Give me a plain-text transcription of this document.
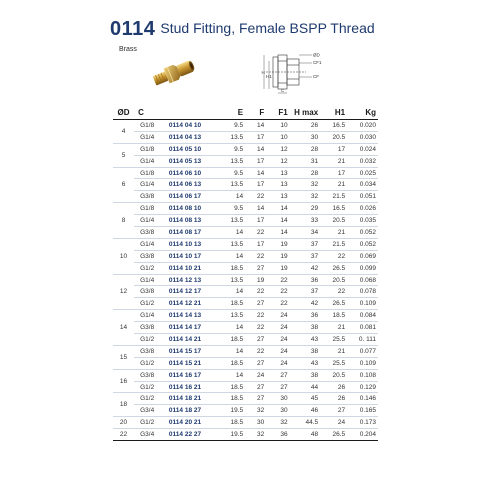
0114 Stud Fitting, Female BSPP Thread
Brass
ØD
CF1
CF
H
H1
C
ØD	C		E	F	F1	H max	H1	Kg
4	G1/8	0114 04 10	9.5	14	10	26	16.5	0.020
	G1/4	0114 04 13	13.5	17	10	30	20.5	0.030
5	G1/8	0114 05 10	9.5	14	12	28	17	0.024
	G1/4	0114 05 13	13.5	17	12	31	21	0.032
6	G1/8	0114 06 10	9.5	14	13	28	17	0.025
	G1/4	0114 06 13	13.5	17	13	32	21	0.034
	G3/8	0114 06 17	14	22	13	32	21.5	0.051
8	G1/8	0114 08 10	9.5	14	14	29	16.5	0.026
	G1/4	0114 08 13	13.5	17	14	33	20.5	0.035
	G3/8	0114 08 17	14	22	14	34	21	0.052
10	G1/4	0114 10 13	13.5	17	19	37	21.5	0.052
	G3/8	0114 10 17	14	22	19	37	22	0.069
	G1/2	0114 10 21	18.5	27	19	42	26.5	0.099
12	G1/4	0114 12 13	13.5	19	22	36	20.5	0.068
	G3/8	0114 12 17	14	22	22	37	22	0.078
	G1/2	0114 12 21	18.5	27	22	42	26.5	0.109
14	G1/4	0114 14 13	13.5	22	24	36	18.5	0.084
	G3/8	0114 14 17	14	22	24	38	21	0.081
	G1/2	0114 14 21	18.5	27	24	43	25.5	0. 111
15	G3/8	0114 15 17	14	22	24	38	21	0.077
	G1/2	0114 15 21	18.5	27	24	43	25.5	0.109
16	G3/8	0114 16 17	14	24	27	38	20.5	0.108
	G1/2	0114 16 21	18.5	27	27	44	26	0.129
18	G1/2	0114 18 21	18.5	27	30	45	26	0.146
	G3/4	0114 18 27	19.5	32	30	46	27	0.165
20	G1/2	0114 20 21	18.5	30	32	44.5	24	0.173
22	G3/4	0114 22 27	19.5	32	36	48	26.5	0.204
